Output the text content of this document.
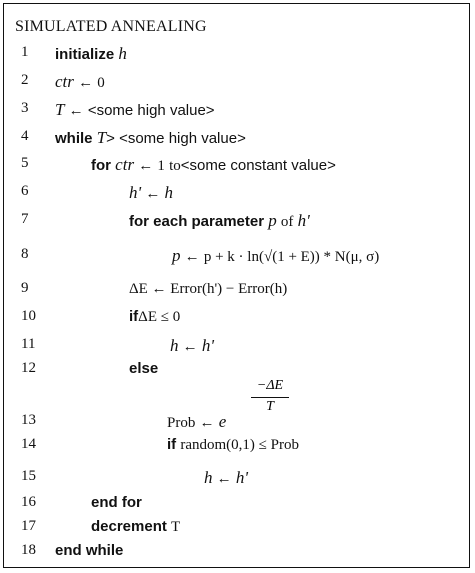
SIMULATED ANNEALING
1	initialize h
2	ctr ← 0
3	T ← <some high value>
4	while T> <some high value>
5	for ctr ← 1 to<some constant value>
6	h' ← h
7	for each parameter p of h'
8	p ← p + k · ln(√(1 + E)) * N(μ, σ)
9	ΔE ← Error(h') − Error(h)
10	ifΔE ≤ 0
11	h ← h'
12	else
13	Prob ← e
−ΔE
T
14	if random(0,1) ≤ Prob
15	h ← h'
16	end for
17	decrement T
18	end while
